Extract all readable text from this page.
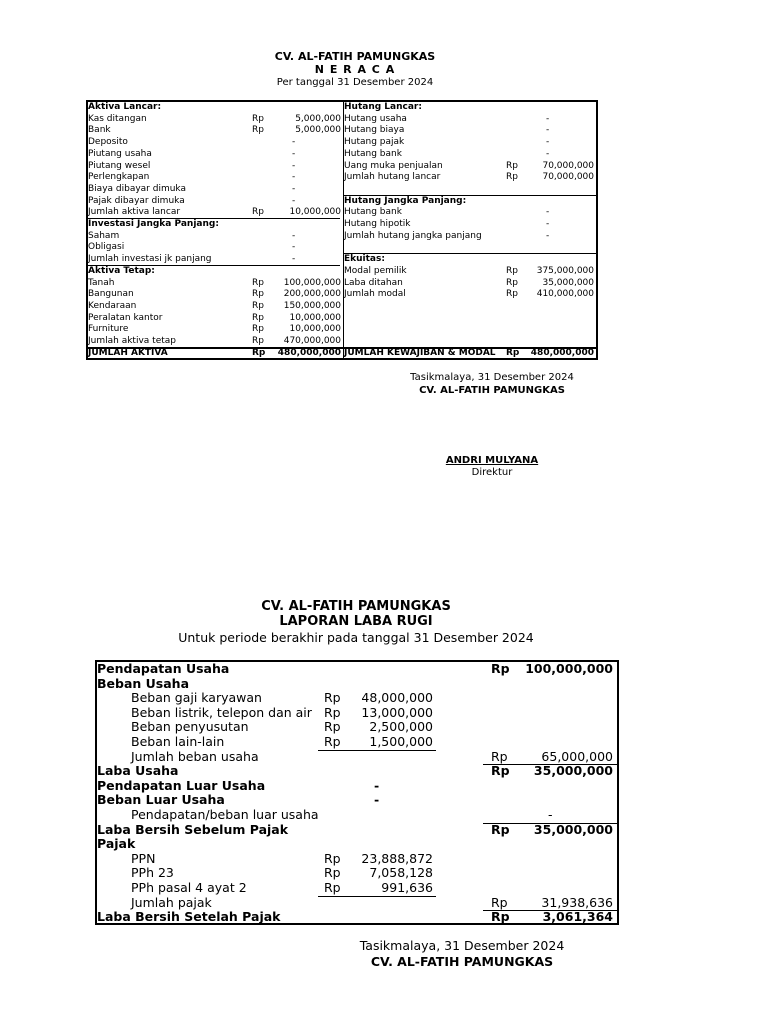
CV. AL-FATIH PAMUNGKAS
N E R A C A
Per tanggal 31 Desember 2024
Aktiva Lancar:
Kas ditangan	Rp	5,000,000
Bank	Rp	5,000,000
Deposito	-
Piutang usaha	-
Piutang wesel	-
Perlengkapan	-
Biaya dibayar dimuka	-
Pajak dibayar dimuka	-
Jumlah aktiva lancar	Rp	10,000,000
Investasi Jangka Panjang:
Saham	-
Obligasi	-
Jumlah investasi jk panjang	-
Aktiva Tetap:
Tanah	Rp	100,000,000
Bangunan	Rp	200,000,000
Kendaraan	Rp	150,000,000
Peralatan kantor	Rp	10,000,000
Furniture	Rp	10,000,000
Jumlah aktiva tetap	Rp	470,000,000
JUMLAH AKTIVA	Rp	480,000,000
Hutang Lancar:
Hutang usaha	-
Hutang biaya	-
Hutang pajak	-
Hutang bank	-
Uang muka penjualan	Rp	70,000,000
Jumlah hutang lancar	Rp	70,000,000
Hutang Jangka Panjang:
Hutang bank	-
Hutang hipotik	-
Jumlah hutang jangka panjang	-
Ekuitas:
Modal pemilik	Rp	375,000,000
Laba ditahan	Rp	35,000,000
Jumlah modal	Rp	410,000,000
JUMLAH KEWAJIBAN & MODAL Rp	480,000,000
Tasikmalaya, 31 Desember 2024
CV. AL-FATIH PAMUNGKAS
ANDRI MULYANA
Direktur
CV. AL-FATIH PAMUNGKAS
LAPORAN LABA RUGI
Untuk periode berakhir pada tanggal 31 Desember 2024
Pendapatan Usaha	Rp	100,000,000
Beban Usaha
Beban gaji karyawan	Rp	48,000,000
Beban listrik, telepon dan air Rp	13,000,000
Beban penyusutan	Rp	2,500,000
Beban lain-lain	Rp	1,500,000
Jumlah beban usaha	Rp	65,000,000
Laba Usaha	Rp	35,000,000
Pendapatan Luar Usaha	-
Beban Luar Usaha	-
Pendapatan/beban luar usaha	-
Laba Bersih Sebelum Pajak	Rp	35,000,000
Pajak
PPN	Rp	23,888,872
PPh 23	Rp	7,058,128
PPh pasal 4 ayat 2	Rp	991,636
Jumlah pajak	Rp	31,938,636
Laba Bersih Setelah Pajak	Rp	3,061,364
Tasikmalaya, 31 Desember 2024
CV. AL-FATIH PAMUNGKAS
